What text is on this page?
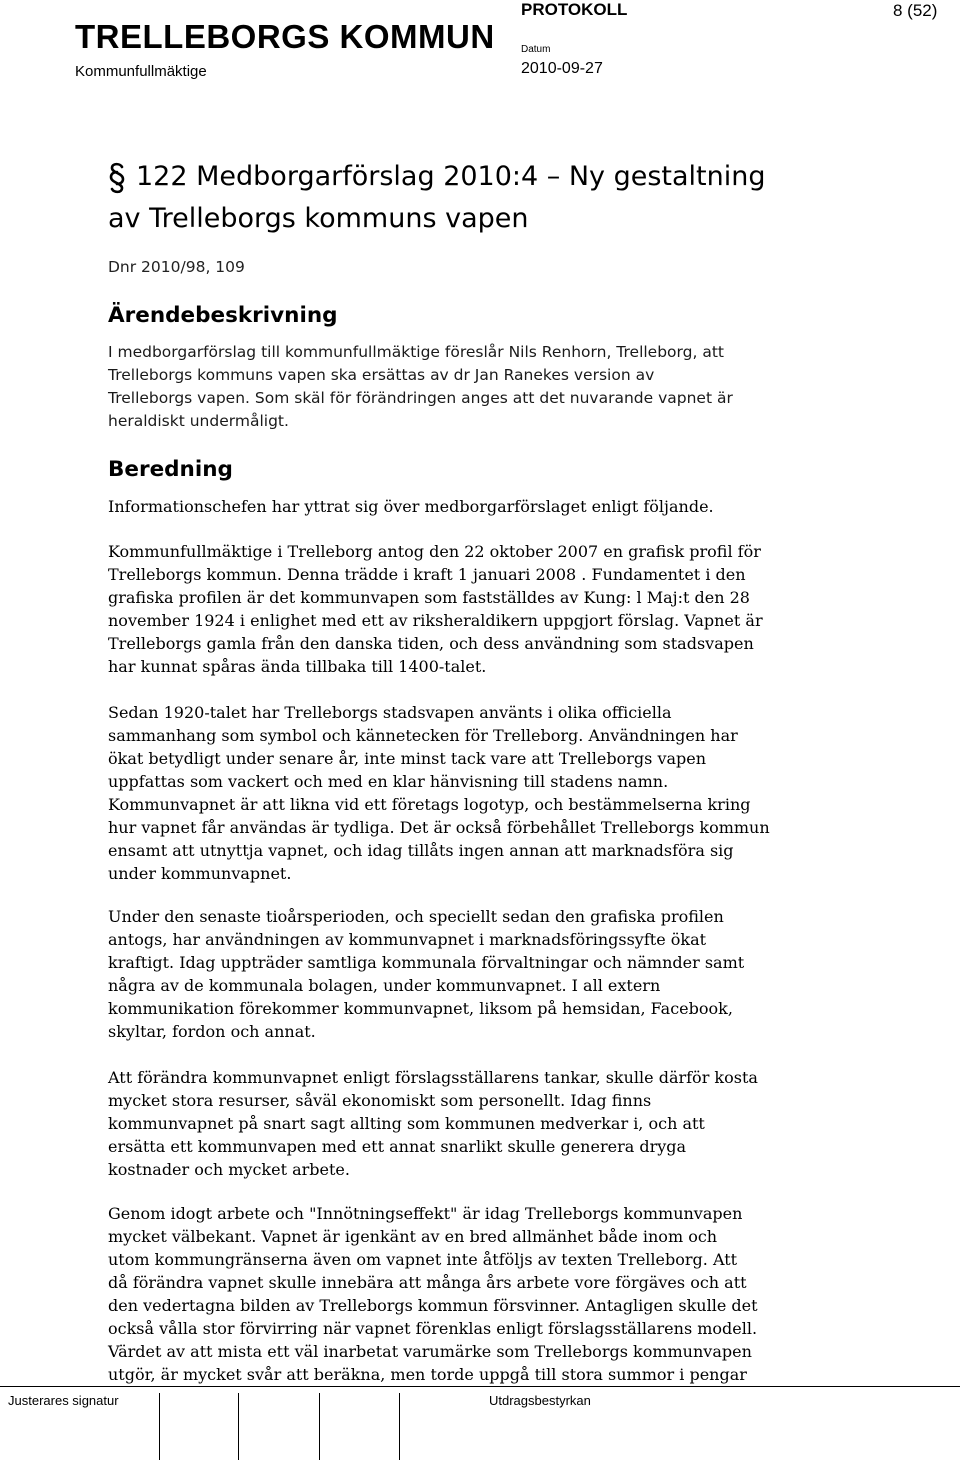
TRELLEBORGS KOMMUN
Kommunfullmäktige
PROTOKOLL	8 (52)
Datum
2010-09-27
122 Medborgarförslag 2010:4 – Ny gestaltning
av Trelleborgs kommuns vapen
Dnr 2010/98, 109
Ärendebeskrivning
I medborgarförslag till kommunfullmäktige föreslår Nils Renhorn, Trelleborg, att
Trelleborgs kommuns vapen ska ersättas av dr Jan Ranekes version av
Trelleborgs vapen. Som skäl för förändringen anges att det nuvarande vapnet är
heraldiskt undermåligt.
Beredning
Informationschefen har yttrat sig över medborgarförslaget enligt följande.
Kommunfullmäktige i Trelleborg antog den 22 oktober 2007 en grafisk profil för
Trelleborgs kommun. Denna trädde i kraft 1 januari 2008 . Fundamentet i den
grafiska profilen är det kommunvapen som fastställdes av Kung: l Maj:t den 28
november 1924 i enlighet med ett av riksheraldikern uppgjort förslag. Vapnet är
Trelleborgs gamla från den danska tiden, och dess användning som stadsvapen
har kunnat spåras ända tillbaka till 1400-talet.
Sedan 1920-talet har Trelleborgs stadsvapen använts i olika officiella
sammanhang som symbol och kännetecken för Trelleborg. Användningen har
ökat betydligt under senare år, inte minst tack vare att Trelleborgs vapen
uppfattas som vackert och med en klar hänvisning till stadens namn.
Kommunvapnet är att likna vid ett företags logotyp, och bestämmelserna kring
hur vapnet får användas är tydliga. Det är också förbehållet Trelleborgs kommun
ensamt att utnyttja vapnet, och idag tillåts ingen annan att marknadsföra sig
under kommunvapnet.
Under den senaste tioårsperioden, och speciellt sedan den grafiska profilen
antogs, har användningen av kommunvapnet i marknadsföringssyfte ökat
kraftigt. Idag uppträder samtliga kommunala förvaltningar och nämnder samt
några av de kommunala bolagen, under kommunvapnet. I all extern
kommunikation förekommer kommunvapnet, liksom på hemsidan, Facebook,
skyltar, fordon och annat.
Att förändra kommunvapnet enligt förslagsställarens tankar, skulle därför kosta
mycket stora resurser, såväl ekonomiskt som personellt. Idag finns
kommunvapnet på snart sagt allting som kommunen medverkar i, och att
ersätta ett kommunvapen med ett annat snarlikt skulle generera dryga
kostnader och mycket arbete.
Genom idogt arbete och "Innötningseffekt" är idag Trelleborgs kommunvapen
mycket välbekant. Vapnet är igenkänt av en bred allmänhet både inom och
utom kommungränserna även om vapnet inte åtföljs av texten Trelleborg. Att
då förändra vapnet skulle innebära att många års arbete vore förgäves och att
den vedertagna bilden av Trelleborgs kommun försvinner. Antagligen skulle det
också vålla stor förvirring när vapnet förenklas enligt förslagsställarens modell.
Värdet av att mista ett väl inarbetat varumärke som Trelleborgs kommunvapen
utgör, är mycket svår att beräkna, men torde uppgå till stora summor i pengar
Justerares signatur	Utdragsbestyrkan
